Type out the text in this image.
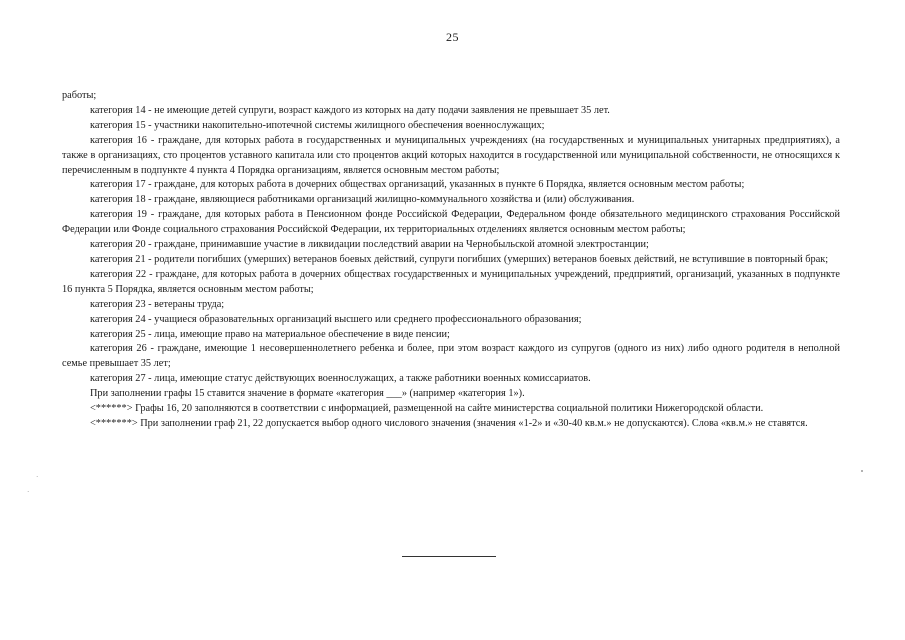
25

работы;

категория 14 - не имеющие детей супруги, возраст каждого из которых на дату подачи заявления не превышает 35 лет.

категория 15 - участники накопительно-ипотечной системы жилищного обеспечения военнослужащих;

категория 16 - граждане, для которых работа в государственных и муниципальных учреждениях (на государственных и муниципальных унитарных предприятиях), а также в организациях, сто процентов уставного капитала или сто процентов акций которых находится в государственной или муниципальной собственности, не относящихся к перечисленным в подпункте 4 пункта 4 Порядка организациям, является основным местом работы;

категория 17 - граждане, для которых работа в дочерних обществах организаций, указанных в пункте 6 Порядка, является основным местом работы;

категория 18 - граждане, являющиеся работниками организаций жилищно-коммунального хозяйства и (или) обслуживания.

категория 19 - граждане, для которых работа в Пенсионном фонде Российской Федерации, Федеральном фонде обязательного медицинского страхования Российской Федерации или Фонде социального страхования Российской Федерации, их территориальных отделениях является основным местом работы;

категория 20 - граждане, принимавшие участие в ликвидации последствий аварии на Чернобыльской атомной электростанции;

категория 21 - родители погибших (умерших) ветеранов боевых действий, супруги погибших (умерших) ветеранов боевых действий, не вступившие в повторный брак;

категория 22 - граждане, для которых работа в дочерних обществах государственных и муниципальных учреждений, предприятий, организаций, указанных в подпункте 16 пункта 5 Порядка, является основным местом работы;

категория 23 - ветераны труда;

категория 24 - учащиеся образовательных организаций высшего или среднего профессионального образования;

категория 25 - лица, имеющие право на материальное обеспечение в виде пенсии;

категория 26 - граждане, имеющие 1 несовершеннолетнего ребенка и более, при этом возраст каждого из супругов (одного из них) либо одного родителя в неполной семье превышает 35 лет;

категория 27 - лица, имеющие статус действующих военнослужащих, а также работники военных комиссариатов.

При заполнении графы 15 ставится значение в формате «категория ___» (например «категория 1»).

<******> Графы 16, 20 заполняются в соответствии с информацией, размещенной на сайте министерства социальной политики Нижегородской области.

<*******> При заполнении граф 21, 22 допускается выбор одного числового значения (значения «1-2» и «30-40 кв.м.» не допускаются). Слова «кв.м.» не ставятся.

·
·
